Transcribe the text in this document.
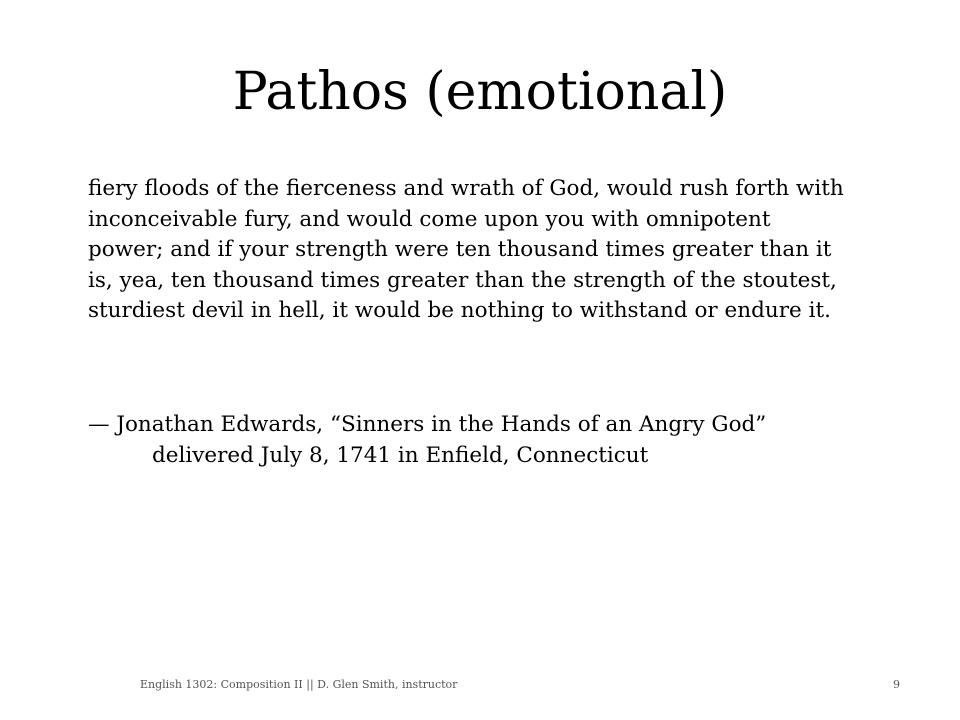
Pathos (emotional)
fiery floods of the fierceness and wrath of God, would rush forth with
inconceivable fury, and would come upon you with omnipotent
power; and if your strength were ten thousand times greater than it
is, yea, ten thousand times greater than the strength of the stoutest,
sturdiest devil in hell, it would be nothing to withstand or endure it.
— Jonathan Edwards, “Sinners in the Hands of an Angry God”
delivered July 8, 1741 in Enfield, Connecticut
English 1302: Composition II || D. Glen Smith, instructor	9
